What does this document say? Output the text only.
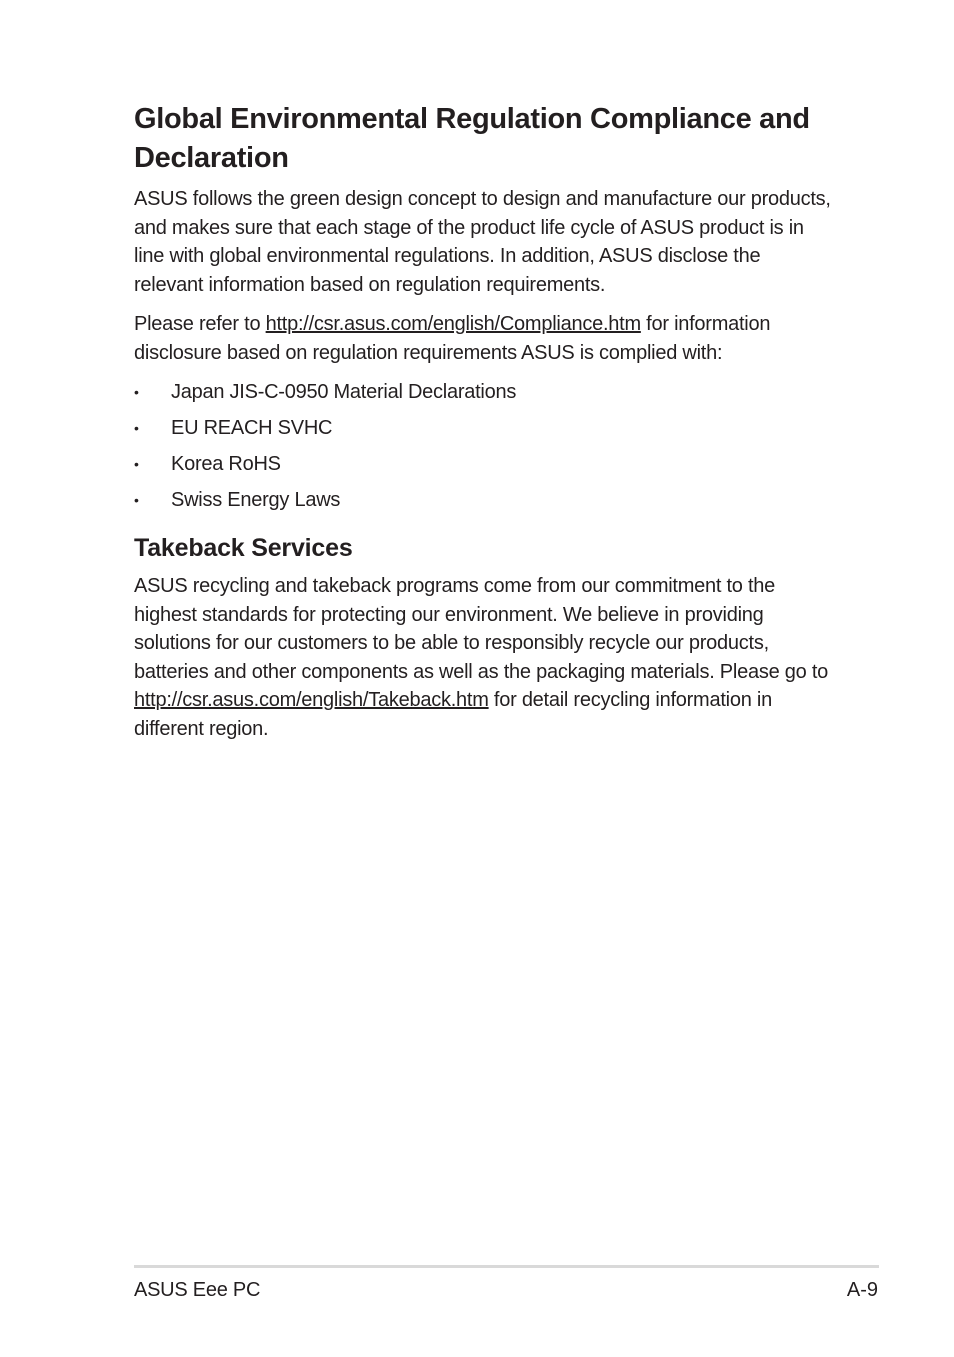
Global Environmental Regulation Compliance and Declaration

ASUS follows the green design concept to design and manufacture our products, and makes sure that each stage of the product life cycle of ASUS product is in line with global environmental regulations. In addition, ASUS disclose the relevant information based on regulation requirements.

Please refer to http://csr.asus.com/english/Compliance.htm for information disclosure based on regulation requirements ASUS is complied with:

• Japan JIS-C-0950 Material Declarations
• EU REACH SVHC
• Korea RoHS
• Swiss Energy Laws
Takeback Services

ASUS recycling and takeback programs come from our commitment to the highest standards for protecting our environment. We believe in providing solutions for our customers to be able to responsibly recycle our products, batteries and other components as well as the packaging materials. Please go to http://csr.asus.com/english/Takeback.htm for detail recycling information in different region.

ASUS Eee PC	A-9
